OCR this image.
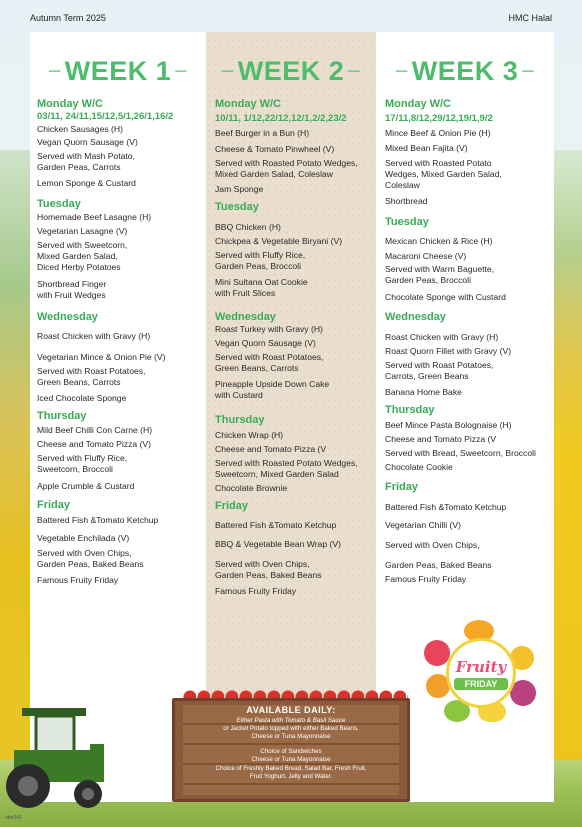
Autumn Term 2025	HMC Halal
─ WEEK 1 ─
Monday W/C
03/11, 24/11,15/12,5/1,26/1,16/2
Chicken Sausages (H)
Vegan Quorn Sausage (V)
Served with Mash Potato,
Garden Peas, Carrots
Lemon Sponge & Custard
Tuesday
Homemade Beef Lasagne (H)
Vegetarian Lasagne (V)
Served with Sweetcorn,
Mixed Garden Salad,
Diced Herby Potatoes
Shortbread Finger
with Fruit Wedges
Wednesday
Roast Chicken with Gravy (H)
Vegetarian Mince & Onion Pie (V)
Served with Roast Potatoes,
Green Beans, Carrots
Iced Chocolate Sponge
Thursday
Mild Beef Chilli Con Carne (H)
Cheese and Tomato Pizza (V)
Served with Fluffy Rice,
Sweetcorn, Broccoli
Apple Crumble & Custard
Friday
Battered Fish &Tomato Ketchup
Vegetable Enchilada (V)
Served with Oven Chips,
Garden Peas, Baked Beans
Famous Fruity Friday
─ WEEK 2 ─
Monday W/C
10/11, 1/12,22/12,12/1,2/2,23/2
Beef Burger in a Bun (H)
Cheese & Tomato Pinwheel (V)
Served with Roasted Potato Wedges,
Mixed Garden Salad, Coleslaw
Jam Sponge
Tuesday
BBQ Chicken (H)
Chickpea & Vegetable Biryani (V)
Served with Fluffy Rice,
Garden Peas, Broccoli
Mini Sultana Oat Cookie
with Fruit Slices
Wednesday
Roast Turkey with Gravy (H)
Vegan Quorn Sausage (V)
Served with Roast Potatoes,
Green Beans, Carrots
Pineapple Upside Down Cake
with Custard
Thursday
Chicken Wrap (H)
Cheese and Tomato Pizza (V
Served with Roasted Potato Wedges,
Sweetcorn, Mixed Garden Salad
Chocolate Brownie
Friday
Battered Fish &Tomato Ketchup
BBQ & Vegetable Bean Wrap (V)
Served with Oven Chips,
Garden Peas, Baked Beans
Famous Fruity Friday
─ WEEK 3 ─
Monday W/C
17/11,8/12,29/12,19/1,9/2
Mince Beef & Onion Pie (H)
Mixed Bean Fajita (V)
Served with Roasted Potato
Wedges, Mixed Garden Salad,
Coleslaw
Shortbread
Tuesday
Mexican Chicken & Rice (H)
Macaroni Cheese (V)
Served with Warm Baguette,
Garden Peas, Broccoli
Chocolate Sponge with Custard
Wednesday
Roast Chicken with Gravy (H)
Roast Quorn Fillet with Gravy (V)
Served with Roast Potatoes,
Carrots, Green Beans
Banana Home Bake
Thursday
Beef Mince Pasta Bolognaise (H)
Cheese and Tomato Pizza (V
Served with Bread, Sweetcorn, Broccoli
Chocolate Cookie
Friday
Battered Fish &Tomato Ketchup
Vegetarian Chilli (V)
Served with Oven Chips,
Garden Peas, Baked Beans
Famous Fruity Friday
Fruity
FRIDAY
AVAILABLE DAILY:
Either Pasta with Tomato & Basil Sauce
or Jacket Potato topped with either Baked Beans,
Cheese or Tuna Mayonnaise
Choice of Sandwiches
Cheese or Tuna Mayonnaise
Choice of Freshly Baked Bread, Salad Bar, Fresh Fruit,
Fruit Yoghurt, Jelly and Water.
atm546
